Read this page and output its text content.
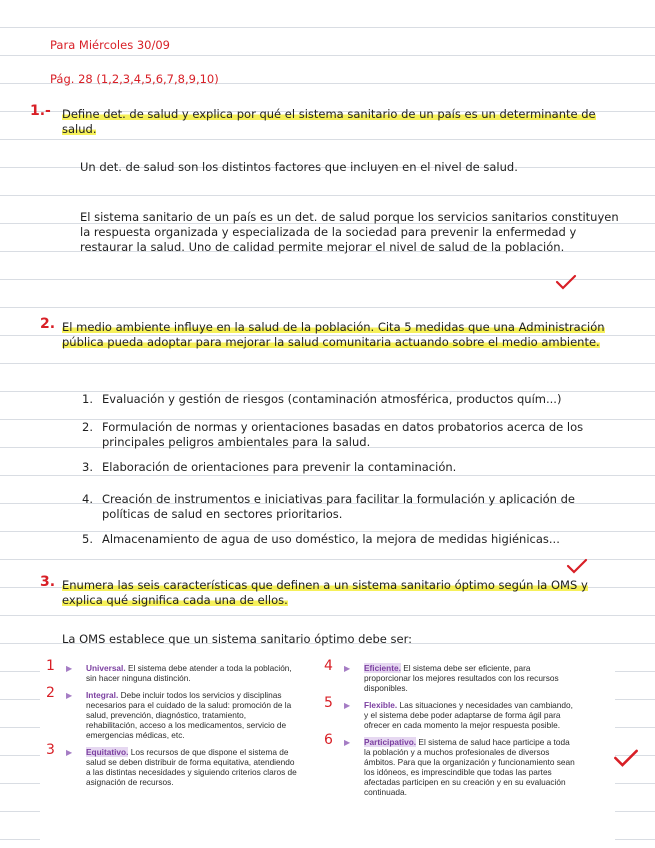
Para Miércoles 30/09

Pág. 28 (1,2,3,4,5,6,7,8,9,10)

1.- Define det. de salud y explica por qué el sistema sanitario de un país es un determinante de salud.

Un det. de salud son los distintos factores que incluyen en el nivel de salud.

El sistema sanitario de un país es un det. de salud porque los servicios sanitarios constituyen la respuesta organizada y especializada de la sociedad para prevenir la enfermedad y restaurar la salud. Uno de calidad permite mejorar el nivel de salud de la población.

2. El medio ambiente influye en la salud de la población. Cita 5 medidas que una Administración pública pueda adoptar para mejorar la salud comunitaria actuando sobre el medio ambiente.

1. Evaluación y gestión de riesgos (contaminación atmosférica, productos quím...)

2. Formulación de normas y orientaciones basadas en datos probatorios acerca de los principales peligros ambientales para la salud.

3. Elaboración de orientaciones para prevenir la contaminación.

4. Creación de instrumentos e iniciativas para facilitar la formulación y aplicación de políticas de salud en sectores prioritarios.

5. Almacenamiento de agua de uso doméstico, la mejora de medidas higiénicas...

3. Enumera las seis características que definen a un sistema sanitario óptimo según la OMS y explica qué significa cada una de ellos.

La OMS establece que un sistema sanitario óptimo debe ser:

1 ▶ Universal. El sistema debe atender a toda la población, sin hacer ninguna distinción.

2 ▶ Integral. Debe incluir todos los servicios y disciplinas necesarios para el cuidado de la salud: promoción de la salud, prevención, diagnóstico, tratamiento, rehabilitación, acceso a los medicamentos, servicio de emergencias médicas, etc.

3 ▶ Equitativo. Los recursos de que dispone el sistema de salud se deben distribuir de forma equitativa, atendiendo a las distintas necesidades y siguiendo criterios claros de asignación de recursos.

4 ▶ Eficiente. El sistema debe ser eficiente, para proporcionar los mejores resultados con los recursos disponibles.

5 ▶ Flexible. Las situaciones y necesidades van cambiando, y el sistema debe poder adaptarse de forma ágil para ofrecer en cada momento la mejor respuesta posible.

6 ▶ Participativo. El sistema de salud hace participe a toda la población y a muchos profesionales de diversos ámbitos. Para que la organización y funcionamiento sean los idóneos, es imprescindible que todas las partes afectadas participen en su creación y en su evaluación continuada.
